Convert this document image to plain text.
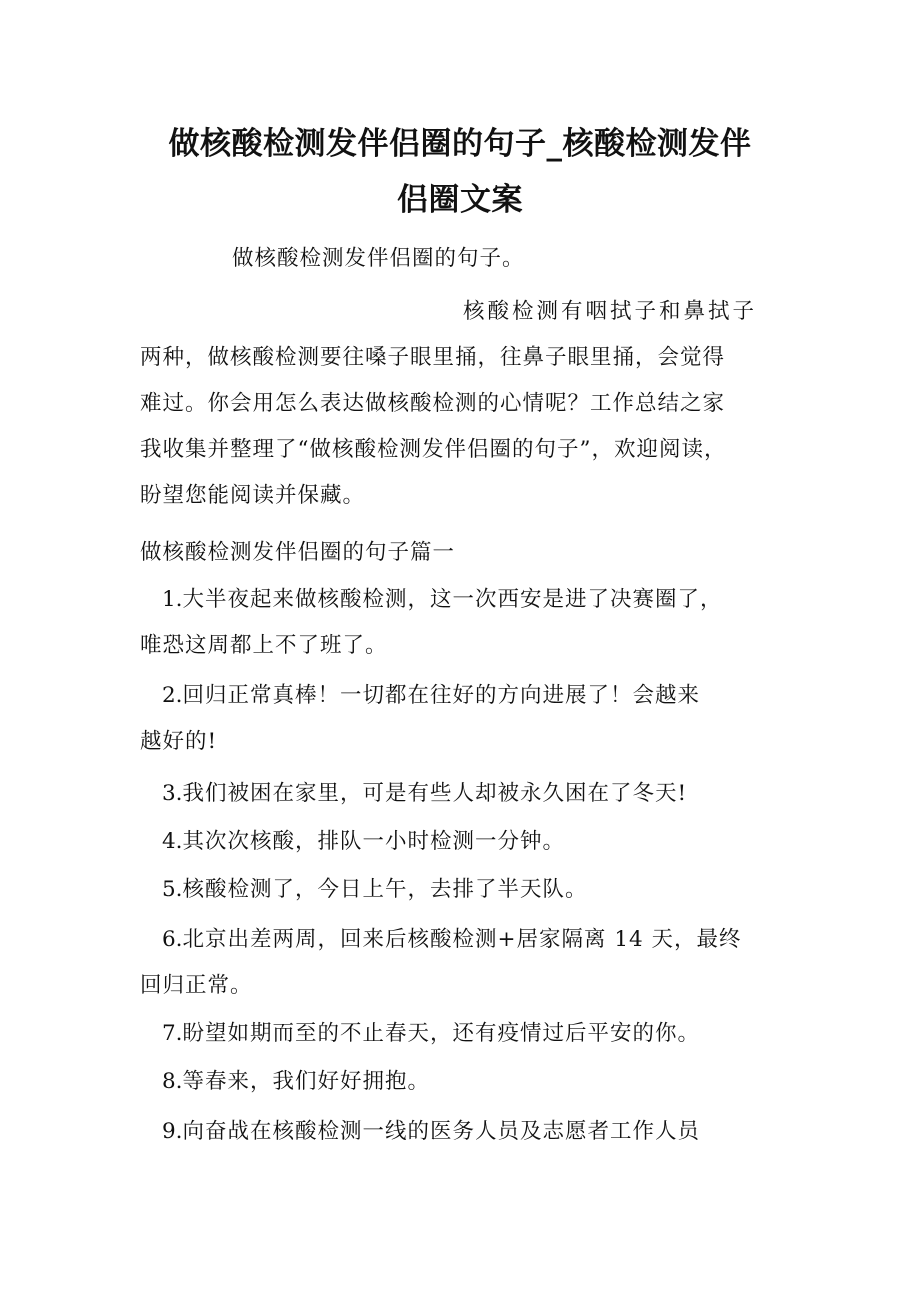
做核酸检测发伴侣圈的句子_核酸检测发伴
侣圈文案

做核酸检测发伴侣圈的句子。

核酸检测有咽拭子和鼻拭子
两种，做核酸检测要往嗓子眼里捅，往鼻子眼里捅，会觉得
难过。你会用怎么表达做核酸检测的心情呢？工作总结之家
我收集并整理了“做核酸检测发伴侣圈的句子”，欢迎阅读，
盼望您能阅读并保藏。

做核酸检测发伴侣圈的句子篇一

1.大半夜起来做核酸检测，这一次西安是进了决赛圈了，
唯恐这周都上不了班了。
2.回归正常真棒！一切都在往好的方向进展了！会越来
越好的!
3.我们被困在家里，可是有些人却被永久困在了冬天!
4.其次次核酸，排队一小时检测一分钟。
5.核酸检测了，今日上午，去排了半天队。
6.北京出差两周，回来后核酸检测+居家隔离 14 天，最终
回归正常。
7.盼望如期而至的不止春天，还有疫情过后平安的你。
8.等春来，我们好好拥抱。
9.向奋战在核酸检测一线的医务人员及志愿者工作人员
